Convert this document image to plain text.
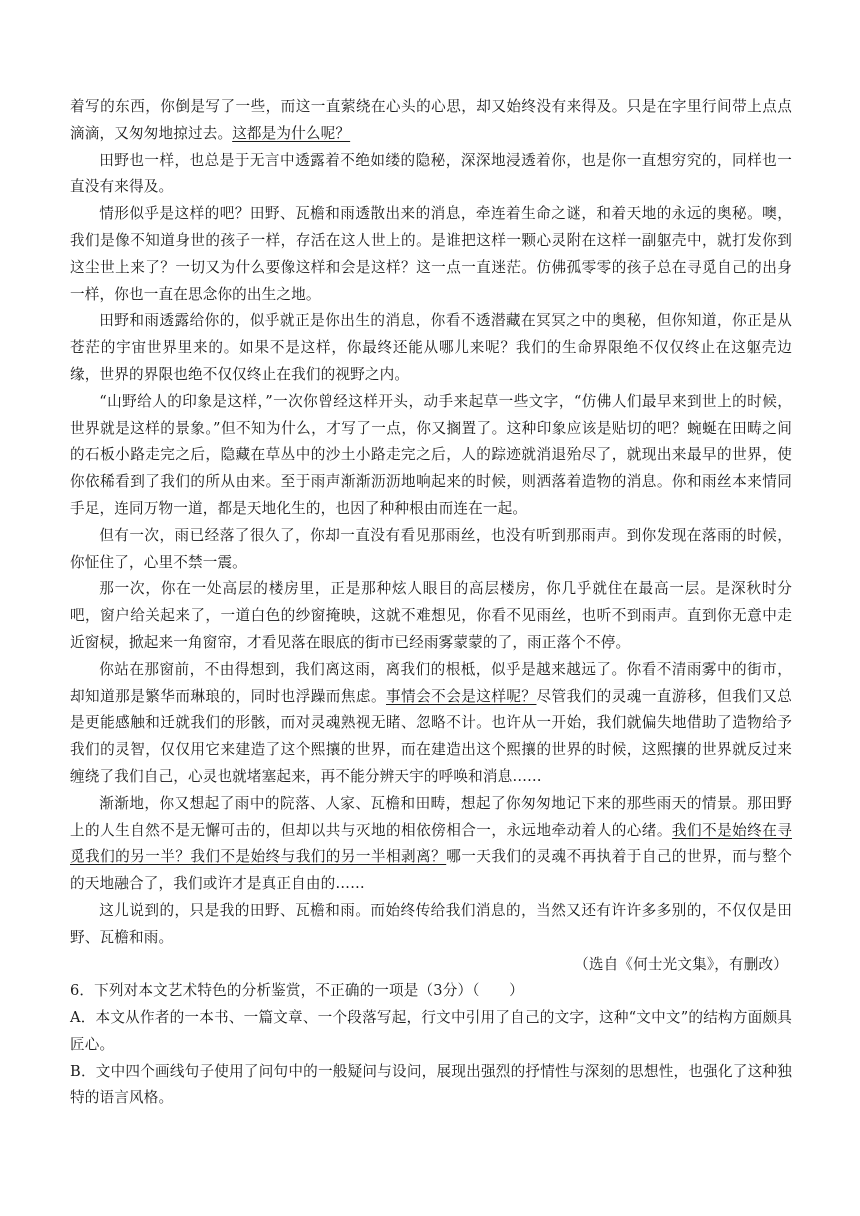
着写的东西，你倒是写了一些，而这一直萦绕在心头的心思，却又始终没有来得及。只是在字里行间带上点点滴滴，又匆匆地掠过去。这都是为什么呢？

田野也一样，也总是于无言中透露着不绝如缕的隐秘，深深地浸透着你，也是你一直想穷究的，同样也一直没有来得及。

情形似乎是这样的吧？田野、瓦檐和雨透散出来的消息，牵连着生命之谜，和着天地的永远的奥秘。噢，我们是像不知道身世的孩子一样，存活在这人世上的。是谁把这样一颗心灵附在这样一副躯壳中，就打发你到这尘世上来了？一切又为什么要像这样和会是这样？这一点一直迷茫。仿佛孤零零的孩子总在寻觅自己的出身一样，你也一直在思念你的出生之地。

田野和雨透露给你的，似乎就正是你出生的消息，你看不透潜藏在冥冥之中的奥秘，但你知道，你正是从苍茫的宇宙世界里来的。如果不是这样，你最终还能从哪儿来呢？我们的生命界限绝不仅仅终止在这躯壳边缘，世界的界限也绝不仅仅终止在我们的视野之内。

“山野给人的印象是这样，”一次你曾经这样开头，动手来起草一些文字，“仿佛人们最早来到世上的时候，世界就是这样的景象。”但不知为什么，才写了一点，你又搁置了。这种印象应该是贴切的吧？蜿蜒在田畴之间的石板小路走完之后，隐藏在草丛中的沙土小路走完之后，人的踪迹就消退殆尽了，就现出来最早的世界，使你依稀看到了我们的所从由来。至于雨声渐渐沥沥地响起来的时候，则洒落着造物的消息。你和雨丝本来情同手足，连同万物一道，都是天地化生的，也因了种种根由而连在一起。

但有一次，雨已经落了很久了，你却一直没有看见那雨丝，也没有听到那雨声。到你发现在落雨的时候，你怔住了，心里不禁一震。

那一次，你在一处高层的楼房里，正是那种炫人眼目的高层楼房，你几乎就住在最高一层。是深秋时分吧，窗户给关起来了，一道白色的纱窗掩映，这就不难想见，你看不见雨丝，也听不到雨声。直到你无意中走近窗棂，掀起来一角窗帘，才看见落在眼底的街市已经雨雾蒙蒙的了，雨正落个不停。

你站在那窗前，不由得想到，我们离这雨，离我们的根柢，似乎是越来越远了。你看不清雨雾中的街市，却知道那是繁华而琳琅的，同时也浮躁而焦虑。事情会不会是这样呢？尽管我们的灵魂一直游移，但我们又总是更能感触和迁就我们的形骸，而对灵魂熟视无睹、忽略不计。也许从一开始，我们就偏失地借助了造物给予我们的灵智，仅仅用它来建造了这个熙攘的世界，而在建造出这个熙攘的世界的时候，这熙攘的世界就反过来缠绕了我们自己，心灵也就堵塞起来，再不能分辨天宇的呼唤和消息……

渐渐地，你又想起了雨中的院落、人家、瓦檐和田畴，想起了你匆匆地记下来的那些雨天的情景。那田野上的人生自然不是无懈可击的，但却以共与灭地的相依傍相合一，永远地牵动着人的心绪。我们不是始终在寻觅我们的另一半？我们不是始终与我们的另一半相剥离？哪一天我们的灵魂不再执着于自己的世界，而与整个的天地融合了，我们或许才是真正自由的……

这儿说到的，只是我的田野、瓦檐和雨。而始终传给我们消息的，当然又还有许许多多别的，不仅仅是田野、瓦檐和雨。

（选自《何士光文集》，有删改）

6．下列对本文艺术特色的分析鉴赏，不正确的一项是（3分）（　　）

A．本文从作者的一本书、一篇文章、一个段落写起，行文中引用了自己的文字，这种“文中文”的结构方面颇具匠心。

B．文中四个画线句子使用了问句中的一般疑问与设问，展现出强烈的抒情性与深刻的思想性，也强化了这种独特的语言风格。
